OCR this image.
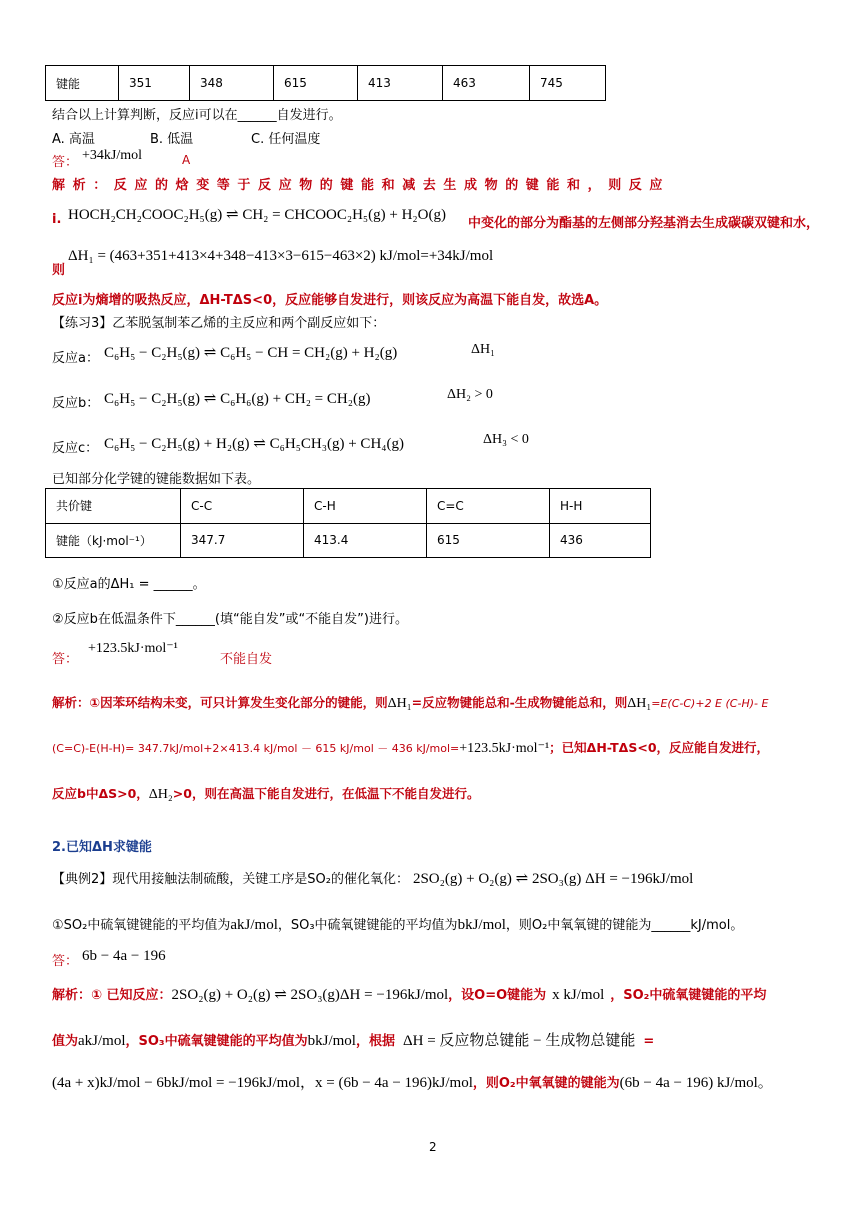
键能	351	348	615	413	463	745
结合以上计算判断，反应ⅰ可以在______自发进行。
A. 高温	B. 低温	C. 任何温度
答： +34kJ/mol	A
解析：反应的焓变等于反应物的键能和减去生成物的键能和，则反应
ⅰ. HOCH₂CH₂COOC₂H₅(g) ⇌ CH₂ = CHCOOC₂H₅(g) + H₂O(g)
中变化的部分为酯基的左侧部分羟基消去生成碳碳双键和水，
则
ΔH₁ = (463+351+413×4+348−413×3−615−463×2) kJ/mol=+34kJ/mol
反应ⅰ为熵增的吸热反应，ΔH-TΔS<0，反应能够自发进行，则该反应为高温下能自发，故选A。
【练习3】乙苯脱氢制苯乙烯的主反应和两个副反应如下：
反应a： C₆H₅ − C₂H₅(g) ⇌ C₆H₅ − CH = CH₂(g) + H₂(g)	ΔH₁
反应b： C₆H₅ − C₂H₅(g) ⇌ C₆H₆(g) + CH₂ = CH₂(g)	ΔH₂ > 0
反应c： C₆H₅ − C₂H₅(g) + H₂(g) ⇌ C₆H₅CH₃(g) + CH₄(g)	ΔH₃ < 0
已知部分化学键的键能数据如下表。
共价键	C-C	C-H	C=C	H-H
键能（kJ·mol⁻¹）	347.7	413.4	615	436
①反应a的ΔH₁ = ______。
②反应b在低温条件下______(填“能自发”或“不能自发”)进行。
答：
+123.5kJ·mol⁻¹
不能自发
解析：①因苯环结构未变，可只计算发生变化部分的键能，则ΔH₁=反应物键能总和-生成物键能总和，则ΔH₁=E(C-C)+2 E (C-H)- E
(C=C)-E(H-H)= 347.7kJ/mol+2×413.4 kJ/mol － 615 kJ/mol － 436 kJ/mol=+123.5kJ·mol⁻¹；已知ΔH-TΔS<0，反应能自发进行，
反应b中ΔS>0，ΔH₂>0，则在高温下能自发进行，在低温下不能自发进行。
2.已知ΔH求键能
【典例2】现代用接触法制硫酸，关键工序是SO₂的催化氧化： 2SO₂(g) + O₂(g) ⇌ 2SO₃(g) ΔH = −196kJ/mol
①SO₂中硫氧键键能的平均值为akJ/mol，SO₃中硫氧键键能的平均值为bkJ/mol，则O₂中氧氧键的键能为______kJ/mol。
答： 6b − 4a − 196
解析：① 已知反应：2SO₂(g) + O₂(g) ⇌ 2SO₃(g)ΔH = −196kJ/mol，设O=O键能为 x kJ/mol ，SO₂中硫氧键键能的平均
值为akJ/mol，SO₃中硫氧键键能的平均值为bkJ/mol，根据 ΔH = 反应物总键能 − 生成物总键能 =
(4a + x)kJ/mol − 6bkJ/mol = −196kJ/mol，x = (6b − 4a − 196)kJ/mol，则O₂中氧氧键的键能为(6b − 4a − 196) kJ/mol。
2
